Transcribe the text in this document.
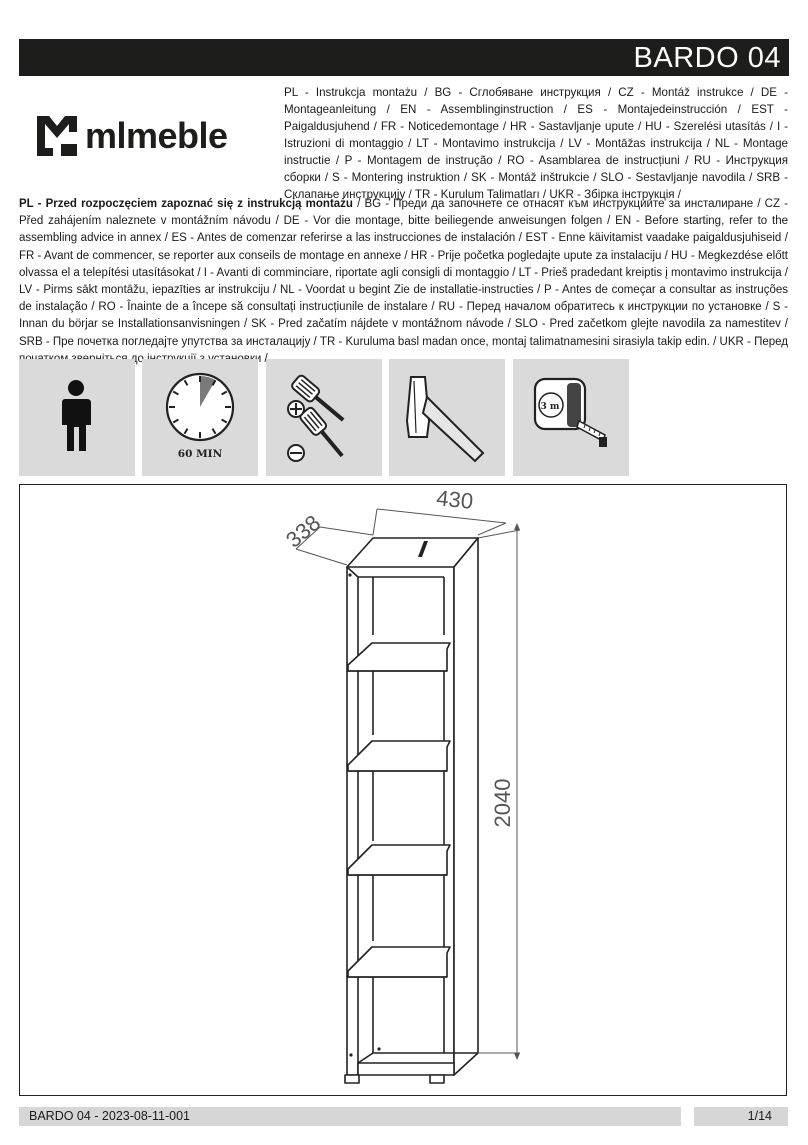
BARDO 04
mlmeble
PL - Instrukcja montażu / BG - Сглобяване инструкция / CZ - Montáž instrukce / DE - Montageanleitung / EN - Assemblinginstruction / ES - Montajedeinstrucción / EST - Paigaldusjuhend / FR - Noticedemontage / HR - Sastavljanje upute / HU - Szerelési utasítás / I - Istruzioni di montaggio / LT - Montavimo instrukcija / LV - Montāžas instrukcija / NL - Montage instructie / P - Montagem de instrução / RO - Asamblarea de instrucțiuni / RU - Инструкция сборки / S - Montering instruktion / SK - Montáž inštrukcie / SLO - Sestavljanje navodila / SRB - Склапање инструкцију / TR - Kurulum Talimatları / UKR - Збірка інструкція /
PL - Przed rozpoczęciem zapoznać się z instrukcją montażu / BG - Преди да започнете се отнасят към инструкциите за инсталиране / CZ - Před zahájením naleznete v montážním návodu / DE - Vor die montage, bitte beiliegende anweisungen folgen / EN - Before starting, refer to the assembling advice in annex / ES - Antes de comenzar referirse a las instrucciones de instalación / EST - Enne käivitamist vaadake paigaldusjuhiseid / FR - Avant de commencer, se reporter aux conseils de montage en annexe / HR - Prije početka pogledajte upute za instalaciju / HU - Megkezdése előtt olvassa el a telepítési utasításokat / I - Avanti di comminciare, riportate agli consigli di montaggio / LT - Prieš pradedant kreiptis į montavimo instrukcija / LV - Pirms sākt montāžu, iepazīties ar instrukciju / NL - Voordat u begint Zie de installatie-instructies / P - Antes de começar a consultar as instruções de instalação / RO - Înainte de a începe să consultați instrucțiunile de instalare / RU - Перед началом обратитесь к инструкции по установке / S - Innan du börjar se Installationsanvisningen / SK - Pred začatím nájdete v montážnom návode / SLO - Pred začetkom glejte navodila za namestitev / SRB - Пре почетка погледајте упутства за инсталацију / TR - Kuruluma basl madan once, montaj talimatnamesini sirasiyla takip edin. / UKR - Перед до
60 MIN
3 m
430
338
2040
BARDO 04 - 2023-08-11-001	1/14
